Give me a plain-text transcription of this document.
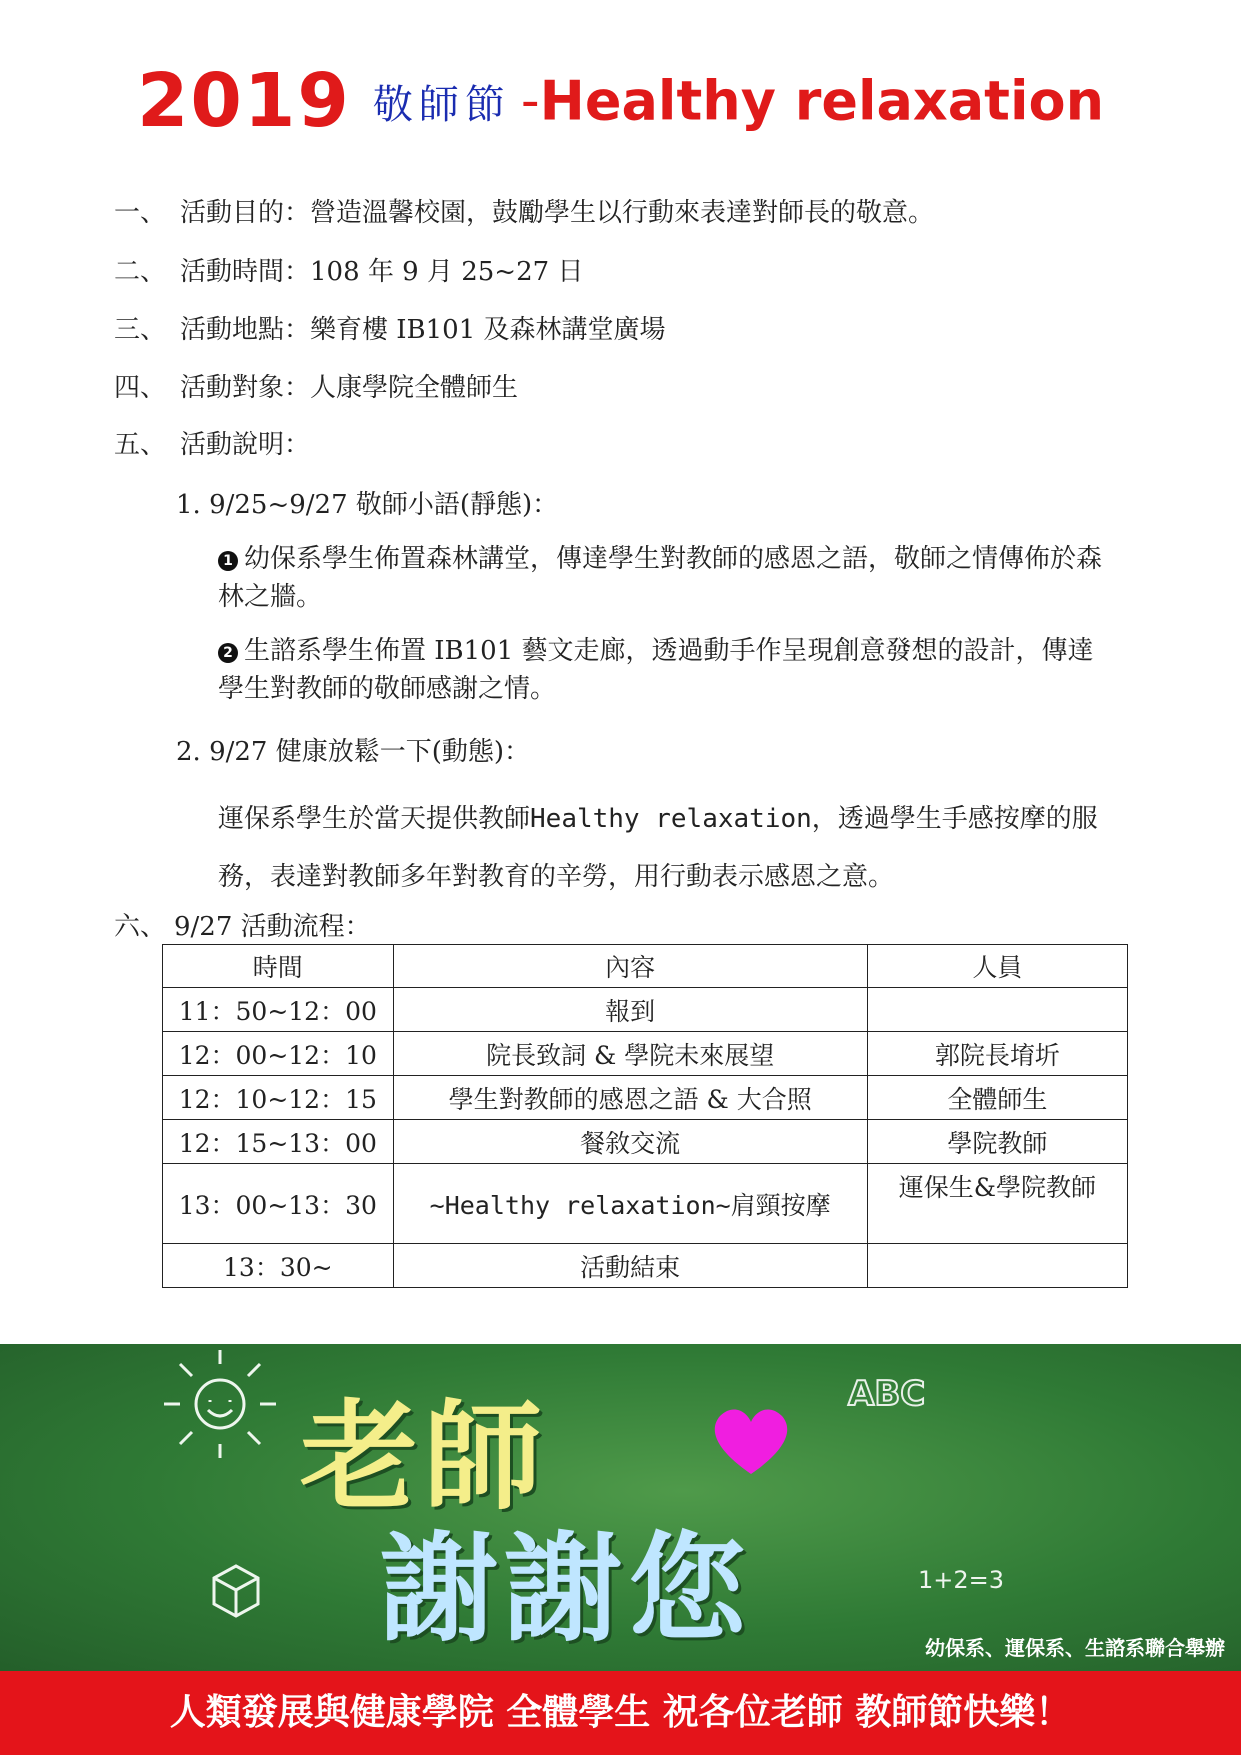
2019 敬師節 -Healthy relaxation
一、 活動目的：營造溫馨校園，鼓勵學生以行動來表達對師長的敬意。
二、 活動時間：108 年 9 月 25~27 日
三、 活動地點：樂育樓 IB101 及森林講堂廣場
四、 活動對象：人康學院全體師生
五、 活動說明：
1. 9/25~9/27 敬師小語(靜態)：
1 幼保系學生佈置森林講堂，傳達學生對教師的感恩之語，敬師之情傳佈於森林之牆。
2 生諮系學生佈置 IB101 藝文走廊，透過動手作呈現創意發想的設計，傳達學生對教師的敬師感謝之情。
2. 9/27 健康放鬆一下(動態)：
運保系學生於當天提供教師Healthy relaxation，透過學生手感按摩的服務，表達對教師多年對教育的辛勞，用行動表示感恩之意。
六、 9/27 活動流程：
時間	內容	人員
11：50~12：00	報到	
12：00~12：10	院長致詞 & 學院未來展望	郭院長堉圻
12：10~12：15	學生對教師的感恩之語 & 大合照	全體師生
12：15~13：00	餐敘交流	學院教師
13：00~13：30	~Healthy relaxation~肩頸按摩	運保生&學院教師
13：30~	活動結束	
老師	ABC
謝謝您	1+2=3
幼保系、運保系、生諮系聯合舉辦
人類發展與健康學院 全體學生 祝各位老師 教師節快樂！
